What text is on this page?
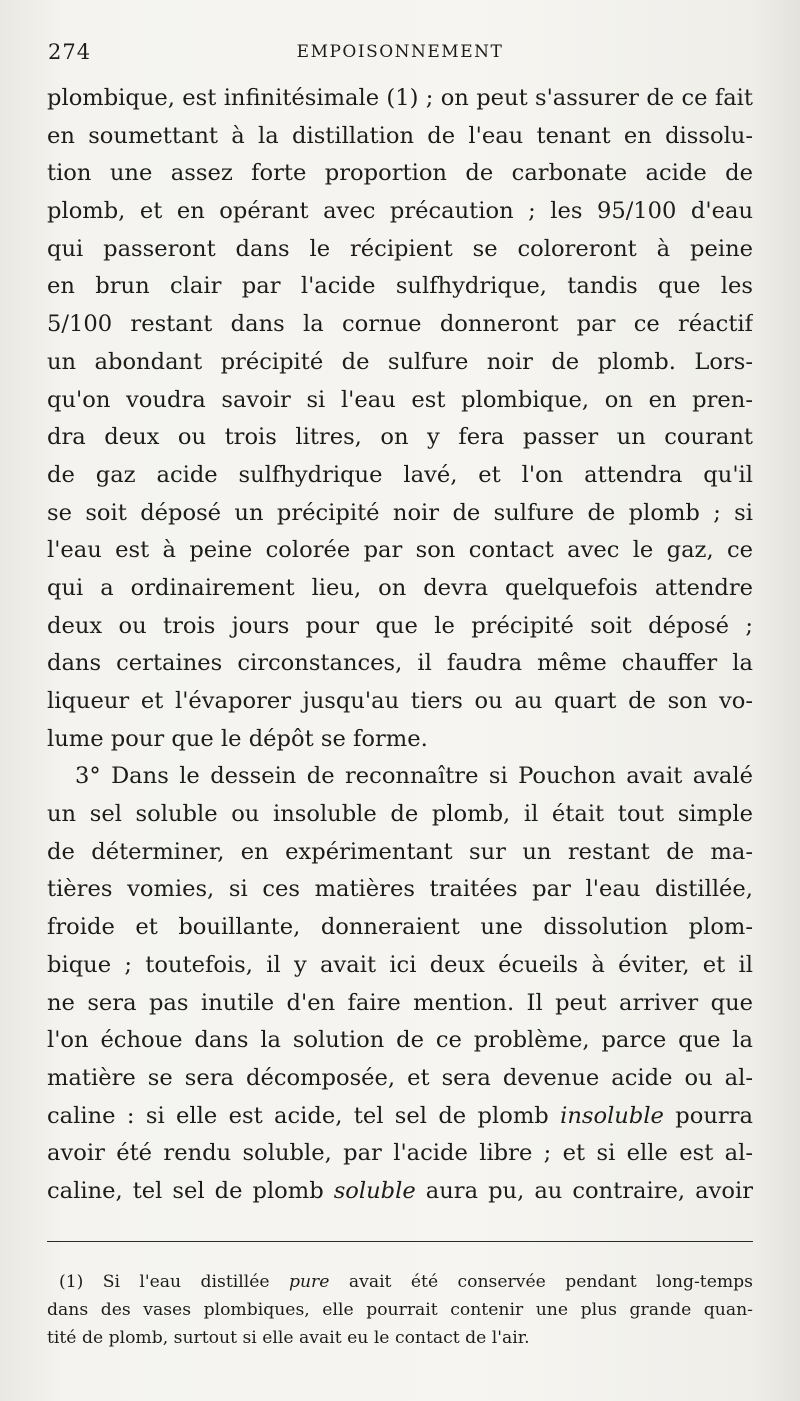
274	EMPOISONNEMENT
plombique, est infinitésimale (1) ; on peut s'assurer de ce fait
en soumettant à la distillation de l'eau tenant en dissolu-
tion une assez forte proportion de carbonate acide de
plomb, et en opérant avec précaution ; les 95/100 d'eau
qui passeront dans le récipient se coloreront à peine
en brun clair par l'acide sulfhydrique, tandis que les
5/100 restant dans la cornue donneront par ce réactif
un abondant précipité de sulfure noir de plomb. Lors-
qu'on voudra savoir si l'eau est plombique, on en pren-
dra deux ou trois litres, on y fera passer un courant
de gaz acide sulfhydrique lavé, et l'on attendra qu'il
se soit déposé un précipité noir de sulfure de plomb ; si
l'eau est à peine colorée par son contact avec le gaz, ce
qui a ordinairement lieu, on devra quelquefois attendre
deux ou trois jours pour que le précipité soit déposé ;
dans certaines circonstances, il faudra même chauffer la
liqueur et l'évaporer jusqu'au tiers ou au quart de son vo-
lume pour que le dépôt se forme.
3° Dans le dessein de reconnaître si Pouchon avait avalé
un sel soluble ou insoluble de plomb, il était tout simple
de déterminer, en expérimentant sur un restant de ma-
tières vomies, si ces matières traitées par l'eau distillée,
froide et bouillante, donneraient une dissolution plom-
bique ; toutefois, il y avait ici deux écueils à éviter, et il
ne sera pas inutile d'en faire mention. Il peut arriver que
l'on échoue dans la solution de ce problème, parce que la
matière se sera décomposée, et sera devenue acide ou al-
caline : si elle est acide, tel sel de plomb insoluble pourra
avoir été rendu soluble, par l'acide libre ; et si elle est al-
caline, tel sel de plomb soluble aura pu, au contraire, avoir
(1) Si l'eau distillée pure avait été conservée pendant long-temps
dans des vases plombiques, elle pourrait contenir une plus grande quan-
tité de plomb, surtout si elle avait eu le contact de l'air.
